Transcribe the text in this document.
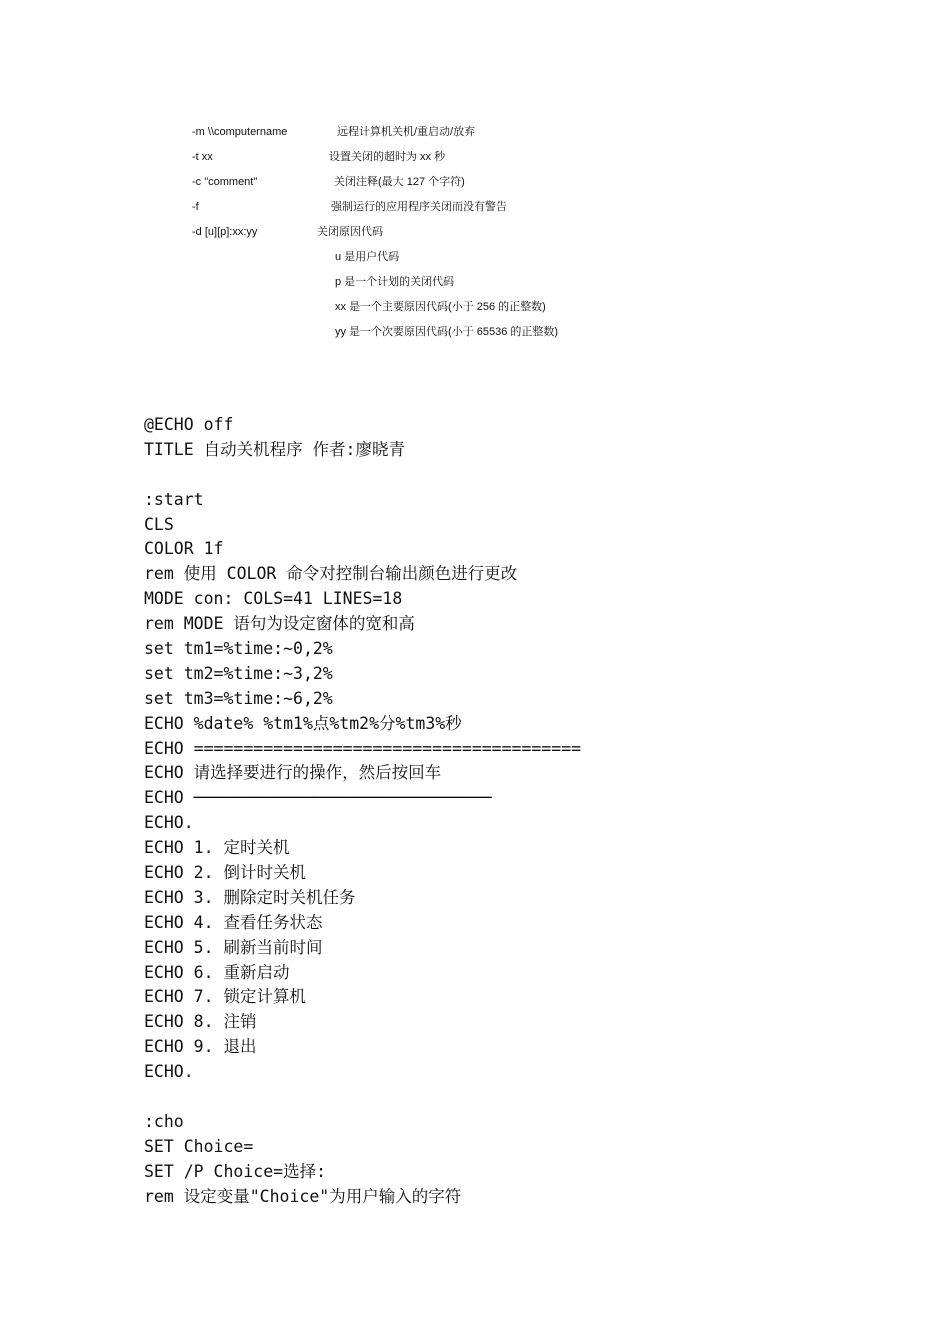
-m \\computername	远程计算机关机/重启动/放弃
-t xx	设置关闭的超时为 xx 秒
-c "comment"	关闭注释(最大 127 个字符)
-f	强制运行的应用程序关闭而没有警告
-d [u][p]:xx:yy	关闭原因代码
u 是用户代码
p 是一个计划的关闭代码
xx 是一个主要原因代码(小于 256 的正整数)
yy 是一个次要原因代码(小于 65536 的正整数)
@ECHO off
TITLE 自动关机程序 作者:廖晓青
:start
CLS
COLOR 1f
rem 使用 COLOR 命令对控制台输出颜色进行更改
MODE con: COLS=41 LINES=18
rem MODE 语句为设定窗体的宽和高
set tm1=%time:~0,2%
set tm2=%time:~3,2%
set tm3=%time:~6,2%
ECHO %date% %tm1%点%tm2%分%tm3%秒
ECHO =======================================
ECHO 请选择要进行的操作，然后按回车
ECHO ──────────────────────────────
ECHO.
ECHO 1. 定时关机
ECHO 2. 倒计时关机
ECHO 3. 删除定时关机任务
ECHO 4. 查看任务状态
ECHO 5. 刷新当前时间
ECHO 6. 重新启动
ECHO 7. 锁定计算机
ECHO 8. 注销
ECHO 9. 退出
ECHO.
:cho
SET Choice=
SET /P Choice=选择:
rem 设定变量"Choice"为用户输入的字符
